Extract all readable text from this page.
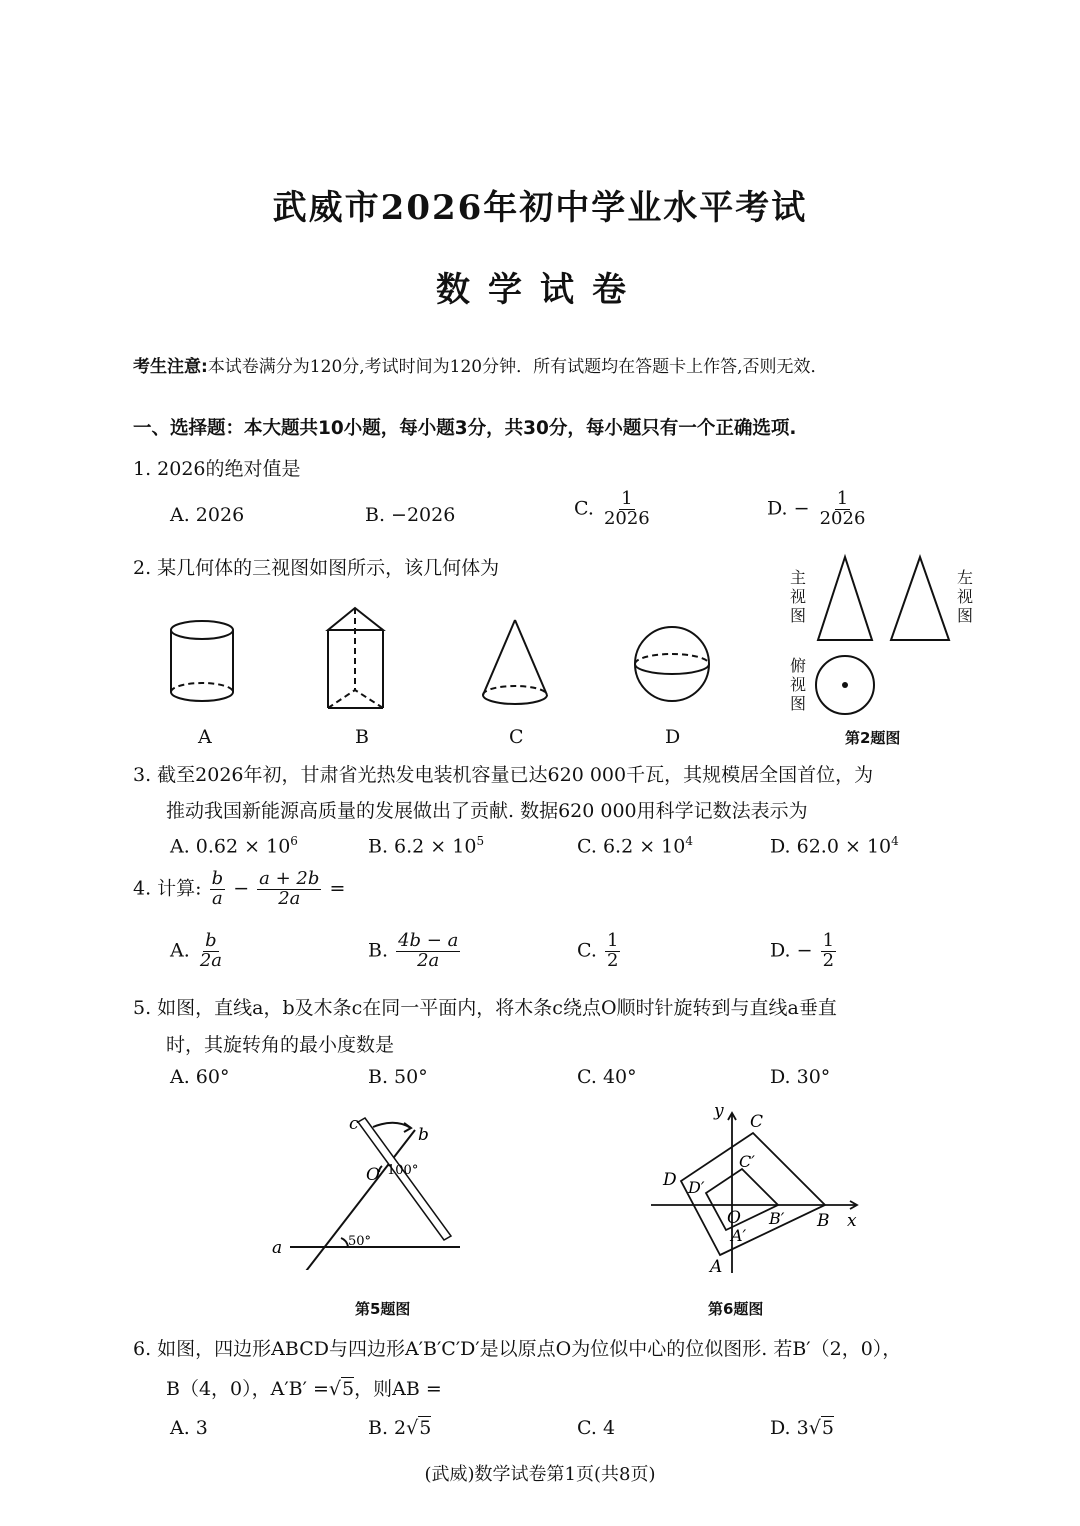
武威市2026年初中学业水平考试
数学试卷
考生注意:本试卷满分为120分,考试时间为120分钟．所有试题均在答题卡上作答,否则无效．
一、选择题：本大题共10小题，每小题3分，共30分，每小题只有一个正确选项.
1. 2026的绝对值是
A. 2026	B. −2026	C. $\frac{1}{2026}$	D. − $\frac{1}{2026}$
2. 某几何体的三视图如图所示，该几何体为
A	B	C	D
主视图
左视图
俯视图
第2题图
3. 截至2026年初，甘肃省光热发电装机容量已达620 000千瓦，其规模居全国首位，为
推动我国新能源高质量的发展做出了贡献. 数据620 000用科学记数法表示为
A. $0.62 \times 10^6$	B. $6.2 \times 10^5$	C. $6.2 \times 10^4$	D. $62.0 \times 10^4$
4. 计算: $\frac{b}{a} - \frac{a + 2b}{2a}$ =
A. $\frac{b}{2a}$	B. $\frac{4b - a}{2a}$	C. $\frac{1}{2}$	D. − $\frac{1}{2}$
5. 如图，直线a，b及木条c在同一平面内，将木条c绕点O顺时针旋转到与直线a垂直
时，其旋转角的最小度数是
A. 60°	B. 50°	C. 40°	D. 30°
c
b
O 100°
a	50°
第5题图
y
x
C
C′
D D′
O B′ B
A′
A
第6题图
6. 如图，四边形ABCD与四边形A′B′C′D′是以原点O为位似中心的位似图形. 若B′（2，0），
B（4，0），A′B′ =√5，则AB =
A. 3	B. 2√5	C. 4	D. 3√5
(武威)数学试卷第1页(共8页)
